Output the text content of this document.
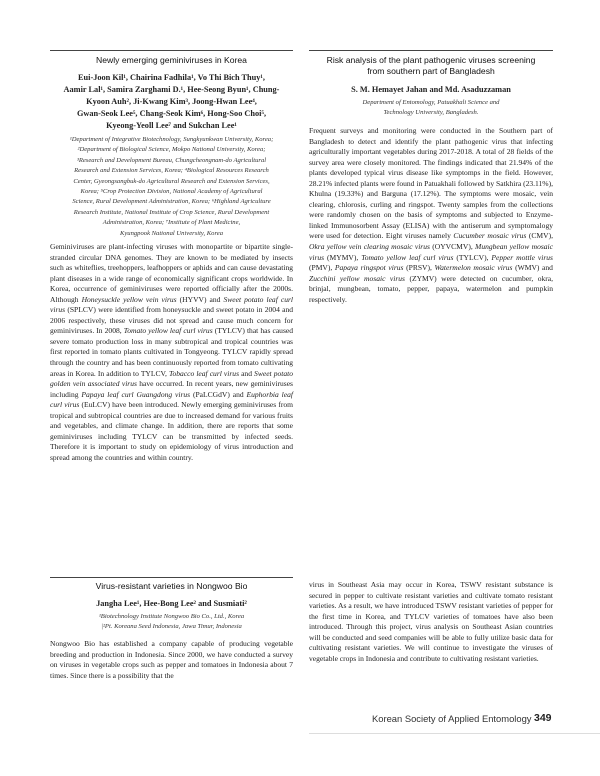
Newly emerging geminiviruses in Korea
Eui-Joon Kil¹, Chairina Fadhila¹, Vo Thi Bich Thuy¹,
Aamir Lal¹, Samira Zarghami D.¹, Hee-Seong Byun¹, Chung-
Kyoon Auh², Ji-Kwang Kim³, Joong-Hwan Lee⁴,
Gwan-Seok Lee⁵, Chang-Seok Kim⁶, Hong-Soo Choi⁵,
Kyeong-Yeoll Lee⁷ and Sukchan Lee¹
¹Department of Integrative Biotechnology, Sungkyunkwan University, Korea;
²Department of Biological Science, Mokpo National University, Korea;
³Research and Development Bureau, Chungcheongnam-do Agricultural
Research and Extension Services, Korea; ⁴Biological Resources Research
Center, Gyeongsangbuk-do Agricultural Research and Extension Services,
Korea; ⁵Crop Protection Division, National Academy of Agricultural
Science, Rural Development Administration, Korea; ⁶Highland Agriculture
Research Institute, National Institute of Crop Science, Rural Development
Administration, Korea; ⁷Institute of Plant Medicine,
Kyungpook National University, Korea
Geminiviruses are plant-infecting viruses with monopartite or bipartite single-stranded circular DNA genomes. They are known to be mediated by insects such as whiteflies, treehoppers, leafhoppers or aphids and can cause devastating plant diseases in a wide range of economically significant crops worldwide. In Korea, occurrence of geminiviruses were reported officially after the 2000s. Although Honeysuckle yellow vein virus (HYVV) and Sweet potato leaf curl virus (SPLCV) were identified from honeysuckle and sweet potato in 2004 and 2006 respectively, these viruses did not spread and cause much concern for geminiviruses. In 2008, Tomato yellow leaf curl virus (TYLCV) that has caused severe tomato production loss in many subtropical and tropical countries was first reported in tomato plants cultivated in Tongyeong. TYLCV rapidly spread through the country and has been continuously reported from tomato cultivating areas in Korea. In addition to TYLCV, Tobacco leaf curl virus and Sweet potato golden vein associated virus have occurred. In recent years, new geminiviruses including Papaya leaf curl Guangdong virus (PaLCGdV) and Euphorbia leaf curl virus (EuLCV) have been introduced. Newly emerging geminiviruses from tropical and subtropical countries are due to increased demand for various fruits and vegetables, and climate change. In addition, there are reports that some geminiviruses including TYLCV can be transmitted by infected seeds. Therefore it is important to study on epidemiology of virus introduction and spread among the countries and within country.
Risk analysis of the plant pathogenic viruses screening
from southern part of Bangladesh
S. M. Hemayet Jahan and Md. Asaduzzaman
Department of Entomology, Patuakhali Science and
Technology University, Bangladesh.
Frequent surveys and monitoring were conducted in the Southern part of Bangladesh to detect and identify the plant pathogenic virus that infecting agriculturally important vegetables during 2017-2018. A total of 28 fields of the survey area were closely monitored. The findings indicated that 21.94% of the plants developed typical virus disease like symptomps in the field. However, 28.21% infected plants were found in Patuakhali followed by Satkhira (23.11%), Khulna (19.33%) and Barguna (17.12%). The symptoms were mosaic, vein clearing, chlorosis, curling and ringspot. Twenty samples from the collections were randomly chosen on the basis of symptoms and subjected to Enzyme-linked Immunosorbent Assay (ELISA) with the antiserum and symptomalogy were used for detection. Eight viruses namely Cucumber mosaic virus (CMV), Okra yellow vein clearing mosaic virus (OYVCMV), Mungbean yellow mosaic virus (MYMV), Tomato yellow leaf curl virus (TYLCV), Pepper mottle virus (PMV), Papaya ringspot virus (PRSV), Watermelon mosaic virus (WMV) and Zucchini yellow mosaic virus (ZYMV) were detected on cucumber, okra, brinjal, mungbean, tomato, pepper, papaya, watermelon and pumpkin respectively.
Virus-resistant varieties in Nongwoo Bio
Jangha Lee¹, Hee-Bong Lee² and Susmiati²
¹Biotechnology Institute Nongwoo Bio Co., Ltd., Korea
|²Pt. Koreana Seed Indonesia, Jawa Timur, Indonesia
Nongwoo Bio has established a company capable of producing vegetable breeding and production in Indonesia. Since 2000, we have conducted a survey on viruses in vegetable crops such as pepper and tomatoes in Indonesia about 7 times. Since there is a possibility that the
virus in Southeast Asia may occur in Korea, TSWV resistant substance is secured in pepper to cultivate resistant varieties and cultivate tomato resistant varieties. As a result, we have introduced TSWV resistant varieties of pepper for the first time in Korea, and TYLCV varieties of tomatoes have also been introduced. Through this project, virus analysis on Southeast Asian countries will be conducted and seed companies will be able to fully utilize basic data for cultivating resistant varieties. We will continue to investigate the viruses of vegetable crops in Indonesia and contribute to cultivating resistant varieties.
Korean Society of Applied Entomology 349
